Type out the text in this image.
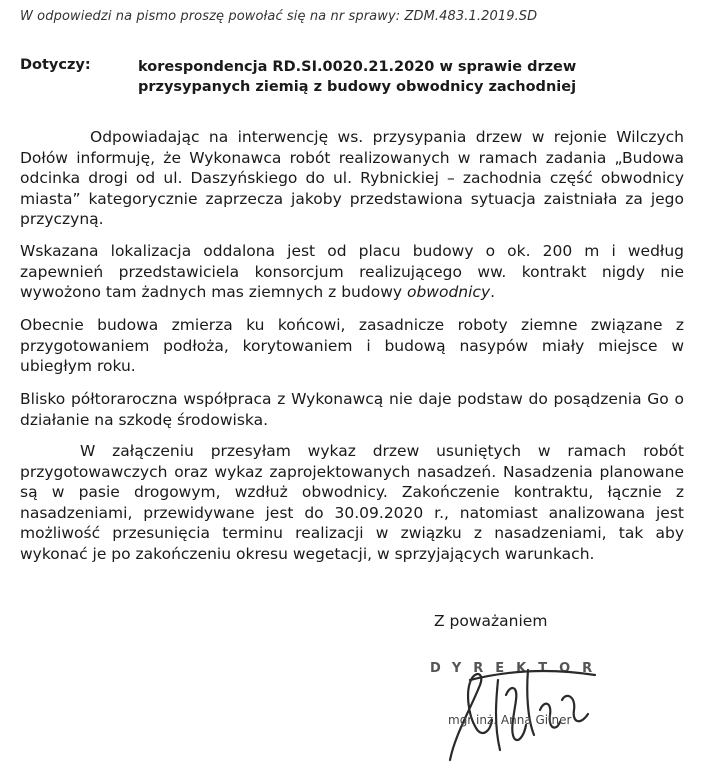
W odpowiedzi na pismo proszę powołać się na nr sprawy: ZDM.483.1.2019.SD
Dotyczy:	korespondencja RD.SI.0020.21.2020 w sprawie drzew
przysypanych ziemią z budowy obwodnicy zachodniej

Odpowiadając na interwencję ws. przysypania drzew w rejonie Wilczych Dołów informuję, że Wykonawca robót realizowanych w ramach zadania „Budowa odcinka drogi od ul. Daszyńskiego do ul. Rybnickiej – zachodnia część obwodnicy miasta” kategorycznie zaprzecza jakoby przedstawiona sytuacja zaistniała za jego przyczyną.

Wskazana lokalizacja oddalona jest od placu budowy o ok. 200 m i według zapewnień przedstawiciela konsorcjum realizującego ww. kontrakt nigdy nie wywożono tam żadnych mas ziemnych z budowy obwodnicy.

Obecnie budowa zmierza ku końcowi, zasadnicze roboty ziemne związane z przygotowaniem podłoża, korytowaniem i budową nasypów miały miejsce w ubiegłym roku.

Blisko półtoraroczna współpraca z Wykonawcą nie daje podstaw do posądzenia Go o działanie na szkodę środowiska.

W załączeniu przesyłam wykaz drzew usuniętych w ramach robót przygotowawczych oraz wykaz zaprojektowanych nasadzeń. Nasadzenia planowane są w pasie drogowym, wzdłuż obwodnicy. Zakończenie kontraktu, łącznie z nasadzeniami, przewidywane jest do 30.09.2020 r., natomiast analizowana jest możliwość przesunięcia terminu realizacji w związku z nasadzeniami, tak aby wykonać je po zakończeniu okresu wegetacji, w sprzyjających warunkach.

Z poważaniem
DYREKTOR
mgr inż. Anna Gilner
